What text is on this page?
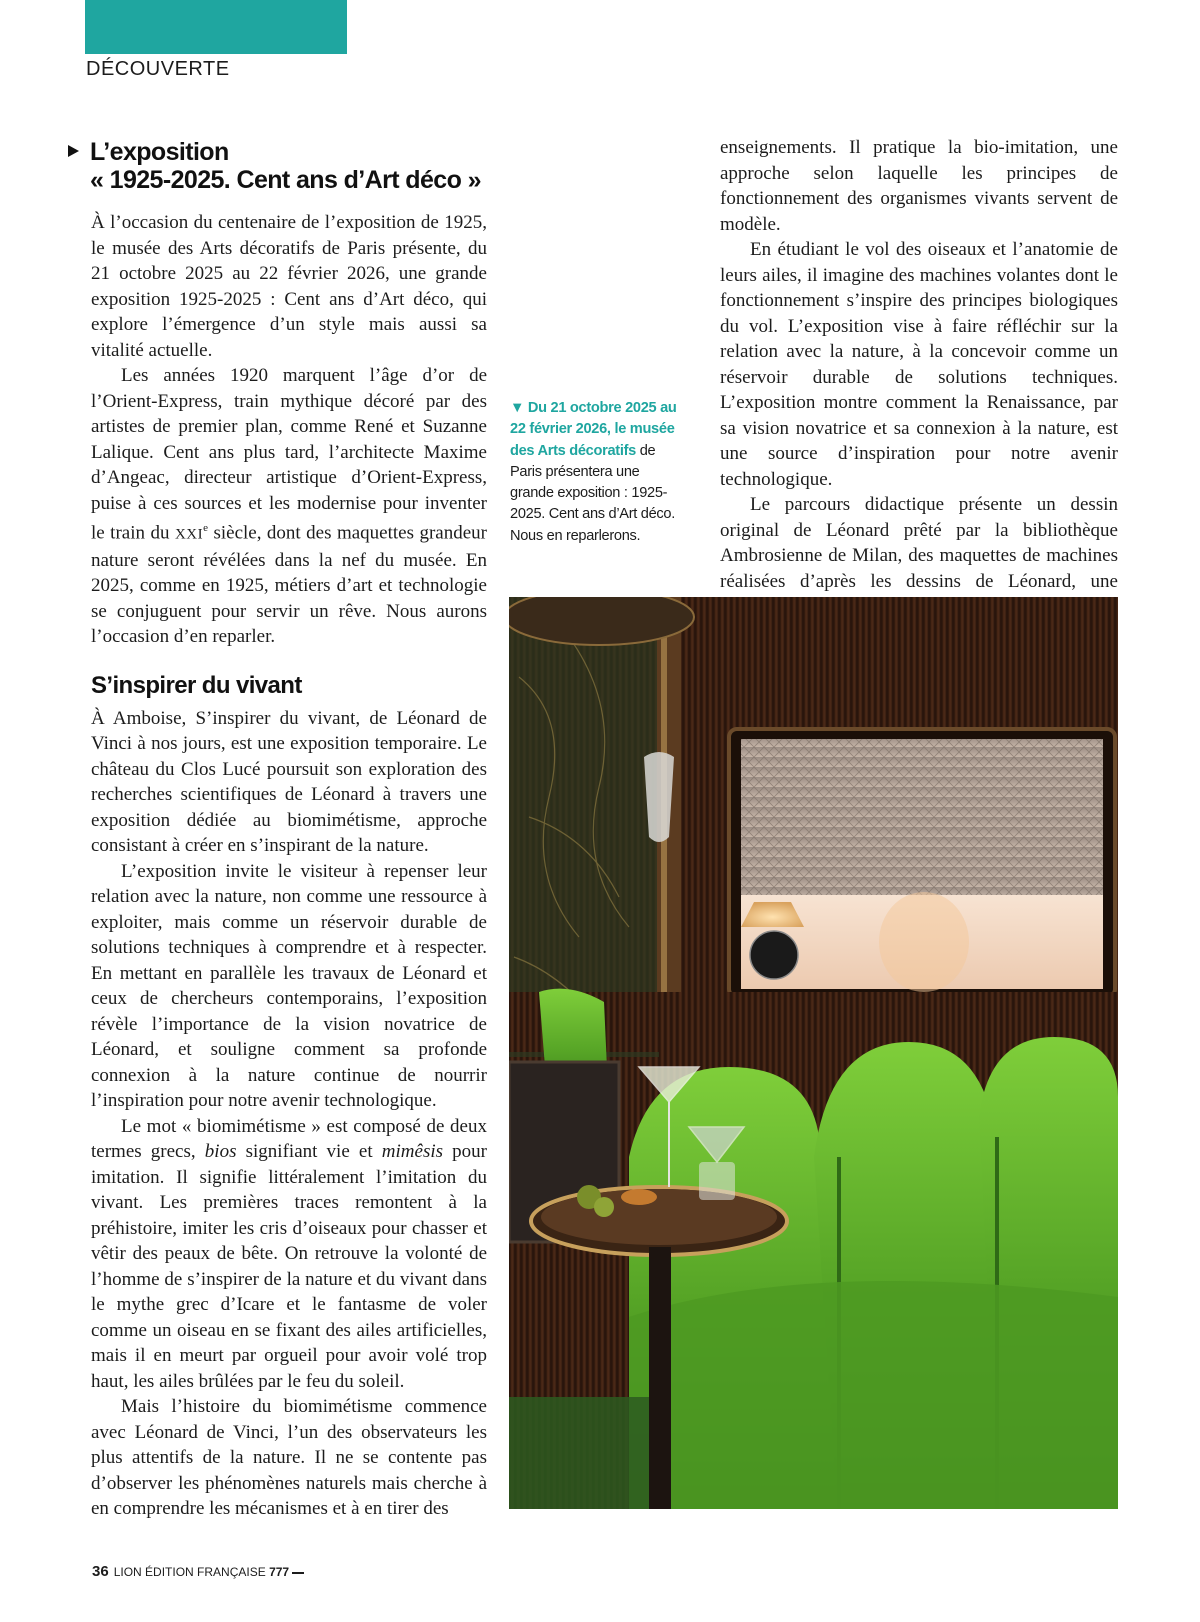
DÉCOUVERTE

L’exposition
« 1925-2025. Cent ans d’Art déco »

À l’occasion du centenaire de l’exposition de 1925, le musée des Arts décoratifs de Paris présente, du 21 octobre 2025 au 22 février 2026, une grande exposition 1925-2025 : Cent ans d’Art déco, qui explore l’émergence d’un style mais aussi sa vitalité actuelle.

Les années 1920 marquent l’âge d’or de l’Orient-Express, train mythique décoré par des artistes de premier plan, comme René et Suzanne Lalique. Cent ans plus tard, l’architecte Maxime d’Angeac, directeur artistique d’Orient-Express, puise à ces sources et les modernise pour inventer le train du XXIe siècle, dont des maquettes grandeur nature seront révélées dans la nef du musée. En 2025, comme en 1925, métiers d’art et technologie se conjuguent pour servir un rêve. Nous aurons l’occasion d’en reparler.

S’inspirer du vivant

À Amboise, S’inspirer du vivant, de Léonard de Vinci à nos jours, est une exposition temporaire. Le château du Clos Lucé poursuit son exploration des recherches scientifiques de Léonard à travers une exposition dédiée au biomimétisme, approche consistant à créer en s’inspirant de la nature.

L’exposition invite le visiteur à repenser leur relation avec la nature, non comme une ressource à exploiter, mais comme un réservoir durable de solutions techniques à comprendre et à respecter. En mettant en parallèle les travaux de Léonard et ceux de chercheurs contemporains, l’exposition révèle l’importance de la vision novatrice de Léonard, et souligne comment sa profonde connexion à la nature continue de nourrir l’inspiration pour notre avenir technologique.

Le mot « biomimétisme » est composé de deux termes grecs, bios signifiant vie et mimêsis pour imitation. Il signifie littéralement l’imitation du vivant. Les premières traces remontent à la préhistoire, imiter les cris d’oiseaux pour chasser et vêtir des peaux de bête. On retrouve la volonté de l’homme de s’inspirer de la nature et du vivant dans le mythe grec d’Icare et le fantasme de voler comme un oiseau en se fixant des ailes artificielles, mais il en meurt par orgueil pour avoir volé trop haut, les ailes brûlées par le feu du soleil.

Mais l’histoire du biomimétisme commence avec Léonard de Vinci, l’un des observateurs les plus attentifs de la nature. Il ne se contente pas d’observer les phénomènes naturels mais cherche à en comprendre les mécanismes et à en tirer des

enseignements. Il pratique la bio-imitation, une approche selon laquelle les principes de fonctionnement des organismes vivants servent de modèle.

En étudiant le vol des oiseaux et l’anatomie de leurs ailes, il imagine des machines volantes dont le fonctionnement s’inspire des principes biologiques du vol. L’exposition vise à faire réfléchir sur la relation avec la nature, à la concevoir comme un réservoir durable de solutions techniques. L’exposition montre comment la Renaissance, par sa vision novatrice et sa connexion à la nature, est une source d’inspiration pour notre avenir technologique.

Le parcours didactique présente un dessin original de Léonard prêté par la bibliothèque Ambrosienne de Milan, des maquettes de machines réalisées d’après les dessins de Léonard, une

▼ Du 21 octobre 2025 au 22 février 2026, le musée des Arts décoratifs de Paris présentera une grande exposition : 1925-2025. Cent ans d’Art déco. Nous en reparlerons.

36 LION ÉDITION FRANÇAISE 777
